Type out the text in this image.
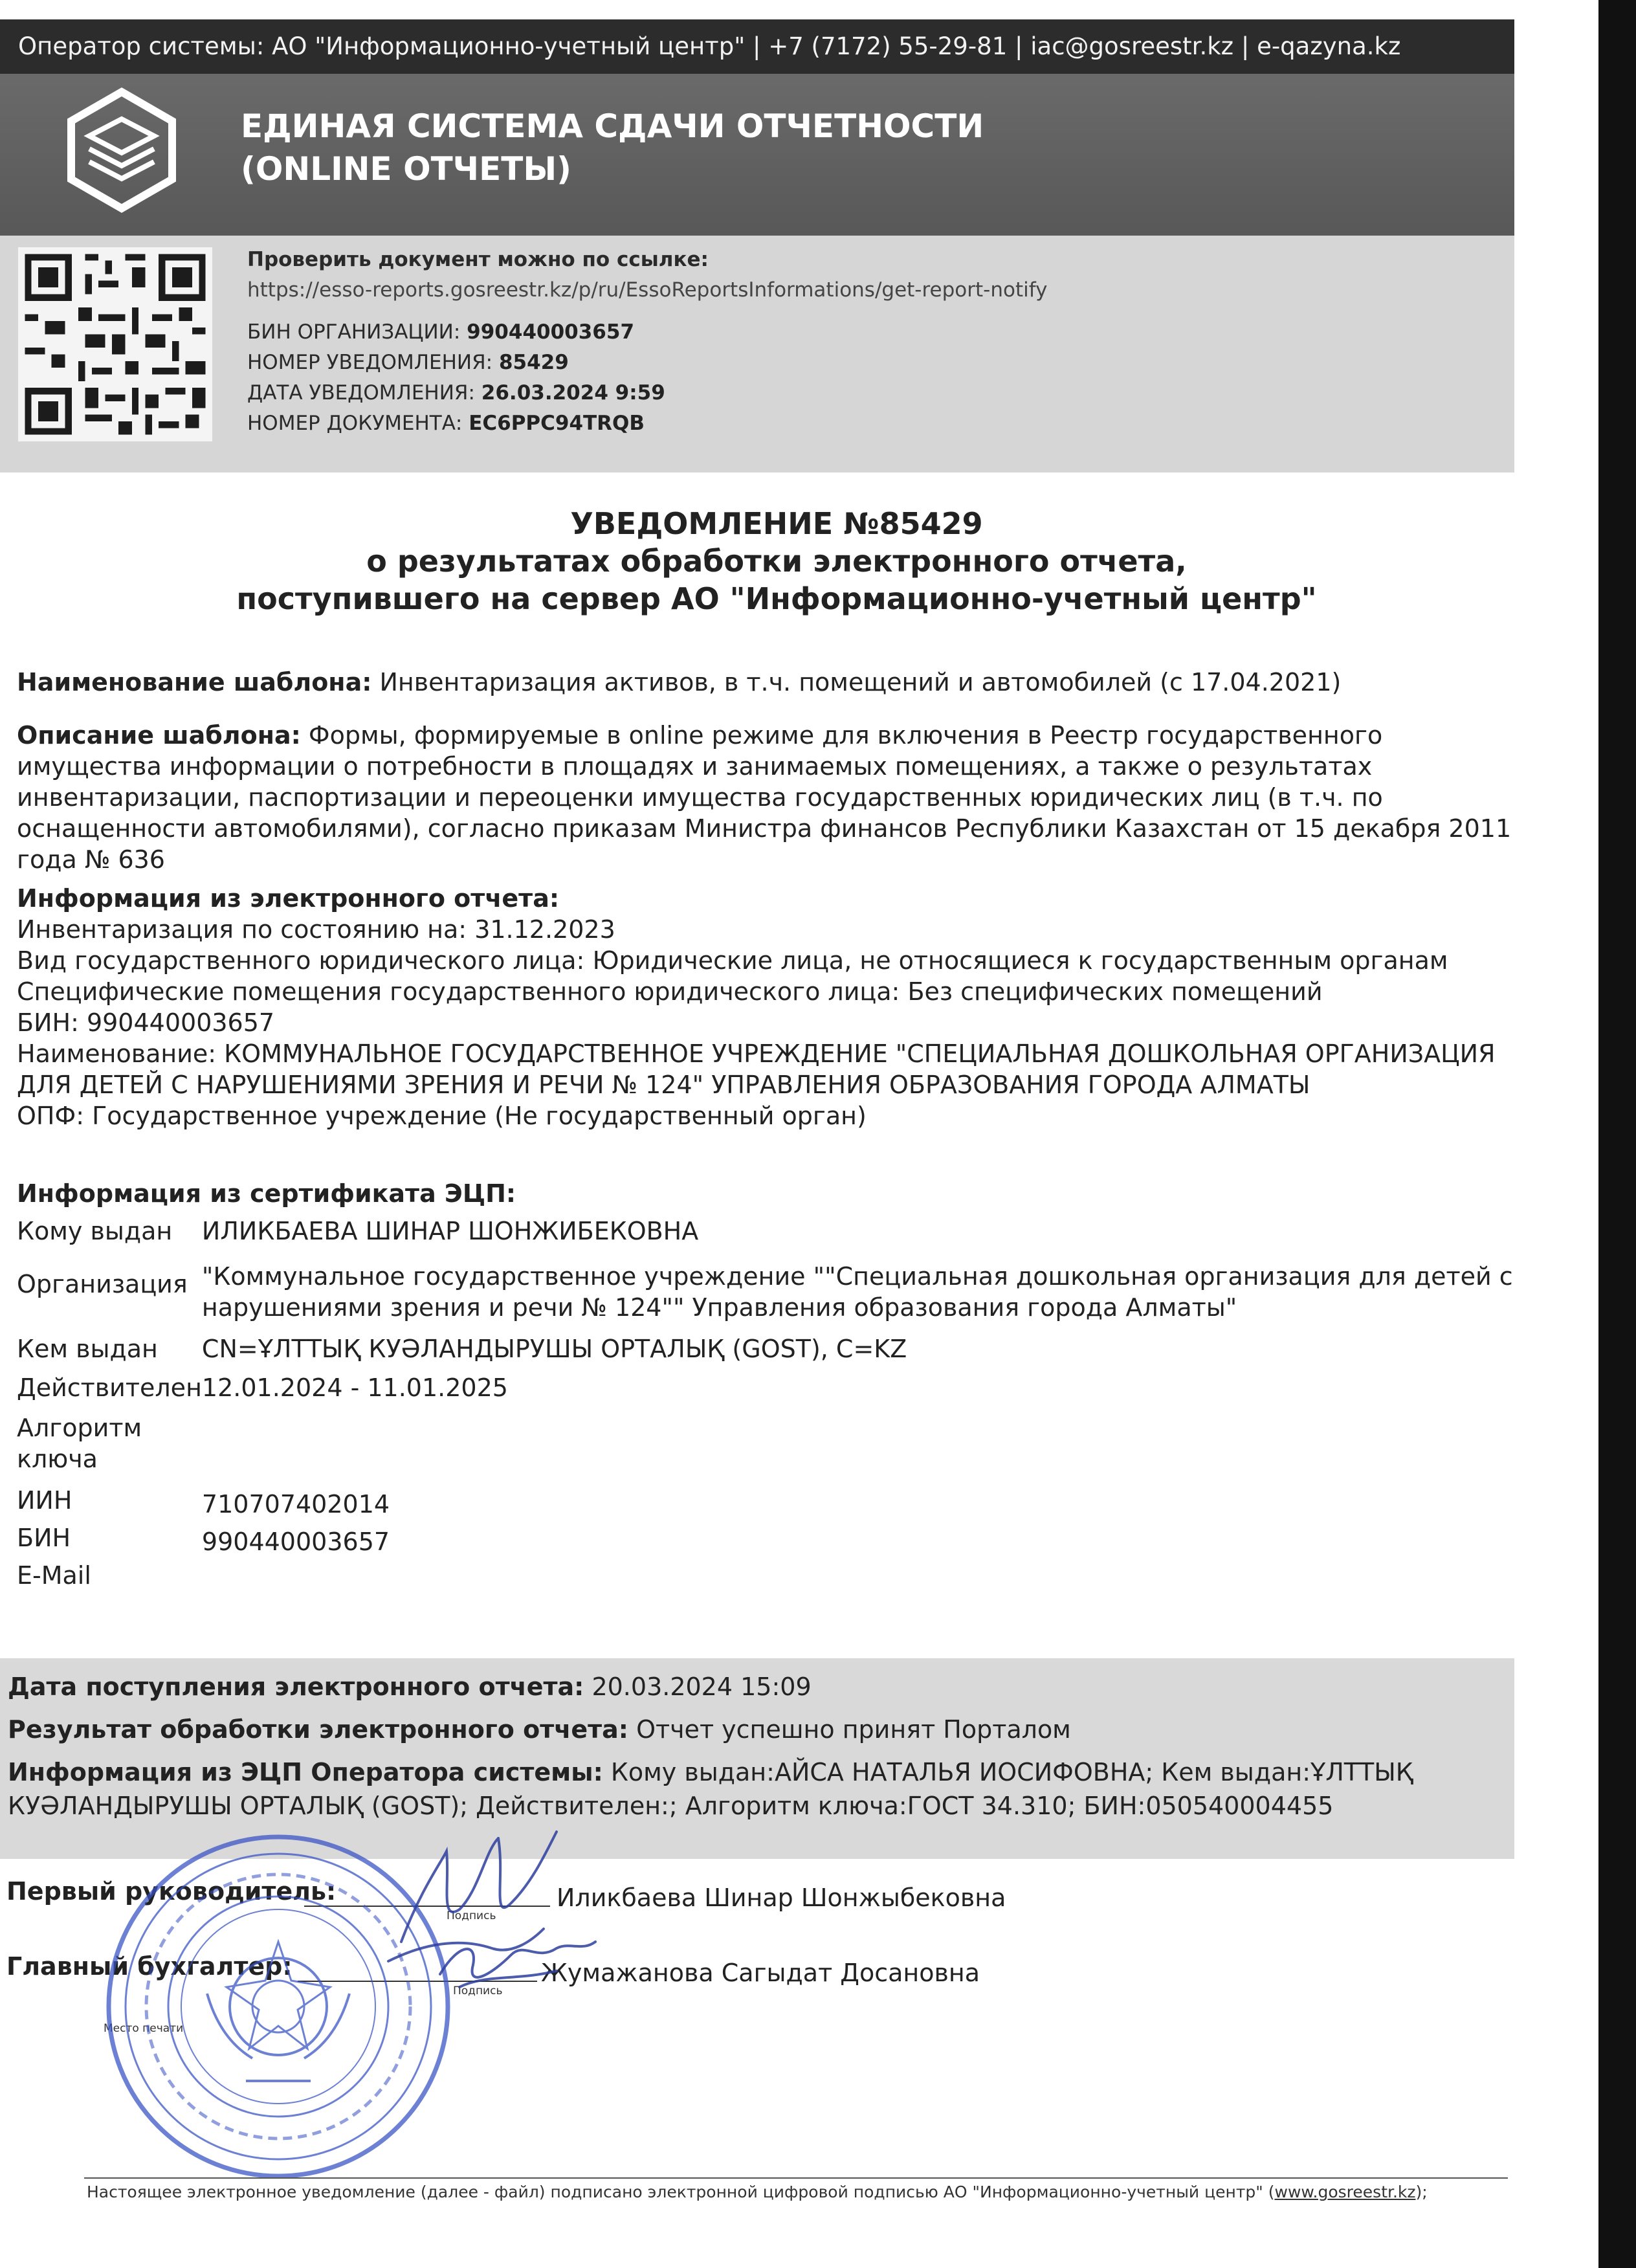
Оператор системы: АО "Информационно-учетный центр" | +7 (7172) 55-29-81 | iac@gosreestr.kz | e-qazyna.kz
ЕДИНАЯ СИСТЕМА СДАЧИ ОТЧЕТНОСТИ
(ONLINE ОТЧЕТЫ)
Проверить документ можно по ссылке:
https://esso-reports.gosreestr.kz/p/ru/EssoReportsInformations/get-report-notify
БИН ОРГАНИЗАЦИИ: 990440003657
НОМЕР УВЕДОМЛЕНИЯ: 85429
ДАТА УВЕДОМЛЕНИЯ: 26.03.2024 9:59
НОМЕР ДОКУМЕНТА: EC6PPC94TRQB
УВЕДОМЛЕНИЕ №85429
о результатах обработки электронного отчета,
поступившего на сервер АО "Информационно-учетный центр"
Наименование шаблона: Инвентаризация активов, в т.ч. помещений и автомобилей (с 17.04.2021)
Описание шаблона: Формы, формируемые в online режиме для включения в Реестр государственного имущества информации о потребности в площадях и занимаемых помещениях, а также о результатах инвентаризации, паспортизации и переоценки имущества государственных юридических лиц (в т.ч. по оснащенности автомобилями), согласно приказам Министра финансов Республики Казахстан от 15 декабря 2011 года № 636
Информация из электронного отчета:
Инвентаризация по состоянию на: 31.12.2023
Вид государственного юридического лица: Юридические лица, не относящиеся к государственным органам
Специфические помещения государственного юридического лица: Без специфических помещений
БИН: 990440003657
Наименование: КОММУНАЛЬНОЕ ГОСУДАРСТВЕННОЕ УЧРЕЖДЕНИЕ "СПЕЦИАЛЬНАЯ ДОШКОЛЬНАЯ ОРГАНИЗАЦИЯ ДЛЯ ДЕТЕЙ С НАРУШЕНИЯМИ ЗРЕНИЯ И РЕЧИ № 124" УПРАВЛЕНИЯ ОБРАЗОВАНИЯ ГОРОДА АЛМАТЫ
ОПФ: Государственное учреждение (Не государственный орган)
Информация из сертификата ЭЦП:
Кому выдан	ИЛИКБАЕВА ШИНАР ШОНЖИБЕКОВНА
Организация	"Коммунальное государственное учреждение ""Специальная дошкольная организация для детей с нарушениями зрения и речи № 124"" Управления образования города Алматы"
Кем выдан	CN=ҰЛТТЫҚ КУӘЛАНДЫРУШЫ ОРТАЛЫҚ (GOST), C=KZ
Действителен	12.01.2024 - 11.01.2025
Алгоритм ключа	
ИИН	710707402014
БИН	990440003657
E-Mail	
Дата поступления электронного отчета: 20.03.2024 15:09
Результат обработки электронного отчета: Отчет успешно принят Порталом
Информация из ЭЦП Оператора системы: Кому выдан:АЙСА НАТАЛЬЯ ИОСИФОВНА; Кем выдан:ҰЛТТЫҚ КУӘЛАНДЫРУШЫ ОРТАЛЫҚ (GOST); Действителен:; Алгоритм ключа:ГОСТ 34.310; БИН:050540004455
Первый руководитель:	Иликбаева Шинар Шонжыбековна
Подпись
Главный бухгалтер:	Жумажанова Сагыдат Досановна
Подпись
Место печати
Настоящее электронное уведомление (далее - файл) подписано электронной цифровой подписью АО "Информационно-учетный центр" (www.gosreestr.kz);
